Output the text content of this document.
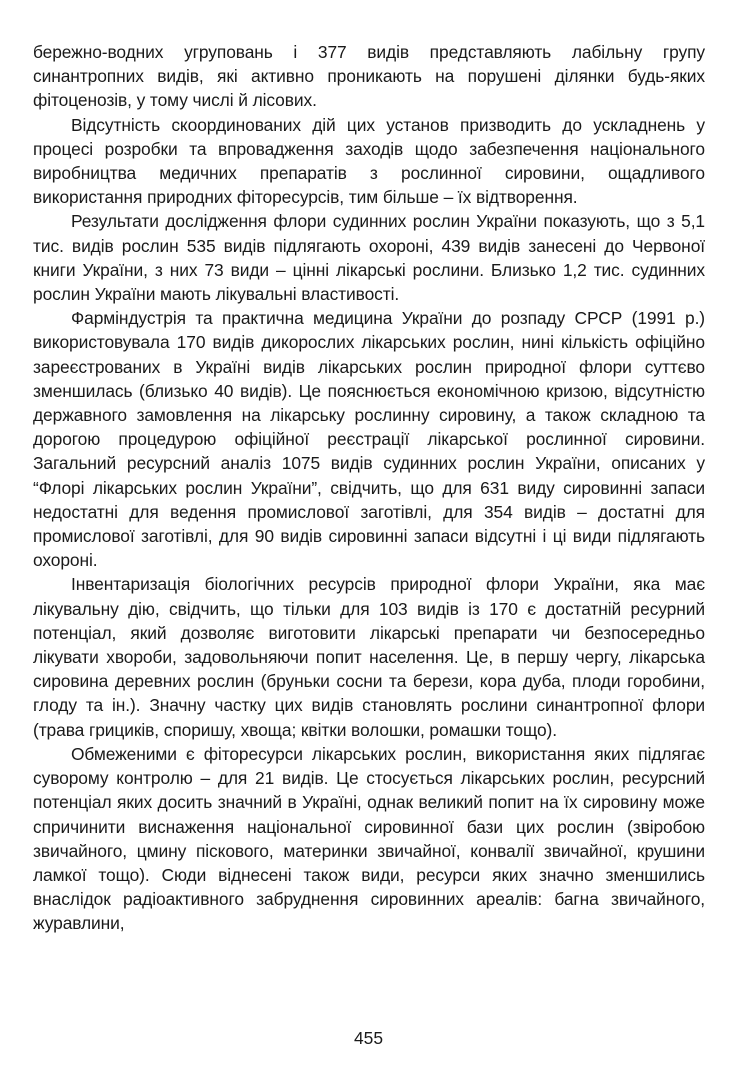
бережно-водних угруповань і 377 видів представляють лабільну групу синантропних видів, які активно проникають на порушені ділянки будь-яких фітоценозів, у тому числі й лісових.

Відсутність скоординованих дій цих установ призводить до ускладнень у процесі розробки та впровадження заходів щодо забезпечення національного виробництва медичних препаратів з рослинної сировини, ощадливого використання природних фіторесурсів, тим більше – їх відтворення.

Результати дослідження флори судинних рослин України показують, що з 5,1 тис. видів рослин 535 видів підлягають охороні, 439 видів занесені до Червоної книги України, з них 73 види – цінні лікарські рослини. Близько 1,2 тис. судинних рослин України мають лікувальні властивості.

Фарміндустрія та практична медицина України до розпаду СРСР (1991 р.) використовувала 170 видів дикорослих лікарських рослин, нині кількість офіційно зареєстрованих в Україні видів лікарських рослин природної флори суттєво зменшилась (близько 40 видів). Це пояснюється економічною кризою, відсутністю державного замовлення на лікарську рослинну сировину, а також складною та дорогою процедурою офіційної реєстрації лікарської рослинної сировини. Загальний ресурсний аналіз 1075 видів судинних рослин України, описаних у “Флорі лікарських рослин України”, свідчить, що для 631 виду сировинні запаси недостатні для ведення промислової заготівлі, для 354 видів – достатні для промислової заготівлі, для 90 видів сировинні запаси відсутні і ці види підлягають охороні.

Інвентаризація біологічних ресурсів природної флори України, яка має лікувальну дію, свідчить, що тільки для 103 видів із 170 є достатній ресурний потенціал, який дозволяє виготовити лікарські препарати чи безпосередньо лікувати хвороби, задовольняючи попит населення. Це, в першу чергу, лікарська сировина деревних рослин (бруньки сосни та берези, кора дуба, плоди горобини, глоду та ін.). Значну частку цих видів становлять рослини синантропної флори (трава грициків, споришу, хвоща; квітки волошки, ромашки тощо).

Обмеженими є фіторесурси лікарських рослин, використання яких підлягає суворому контролю – для 21 видів. Це стосується лікарських рослин, ресурсний потенціал яких досить значний в Україні, однак великий попит на їх сировину може спричинити виснаження національної сировинної бази цих рослин (звіробою звичайного, цмину піскового, материнки звичайної, конвалії звичайної, крушини ламкої тощо). Сюди віднесені також види, ресурси яких значно зменшились внаслідок радіоактивного забруднення сировинних ареалів: багна звичайного, журавлини,

455
